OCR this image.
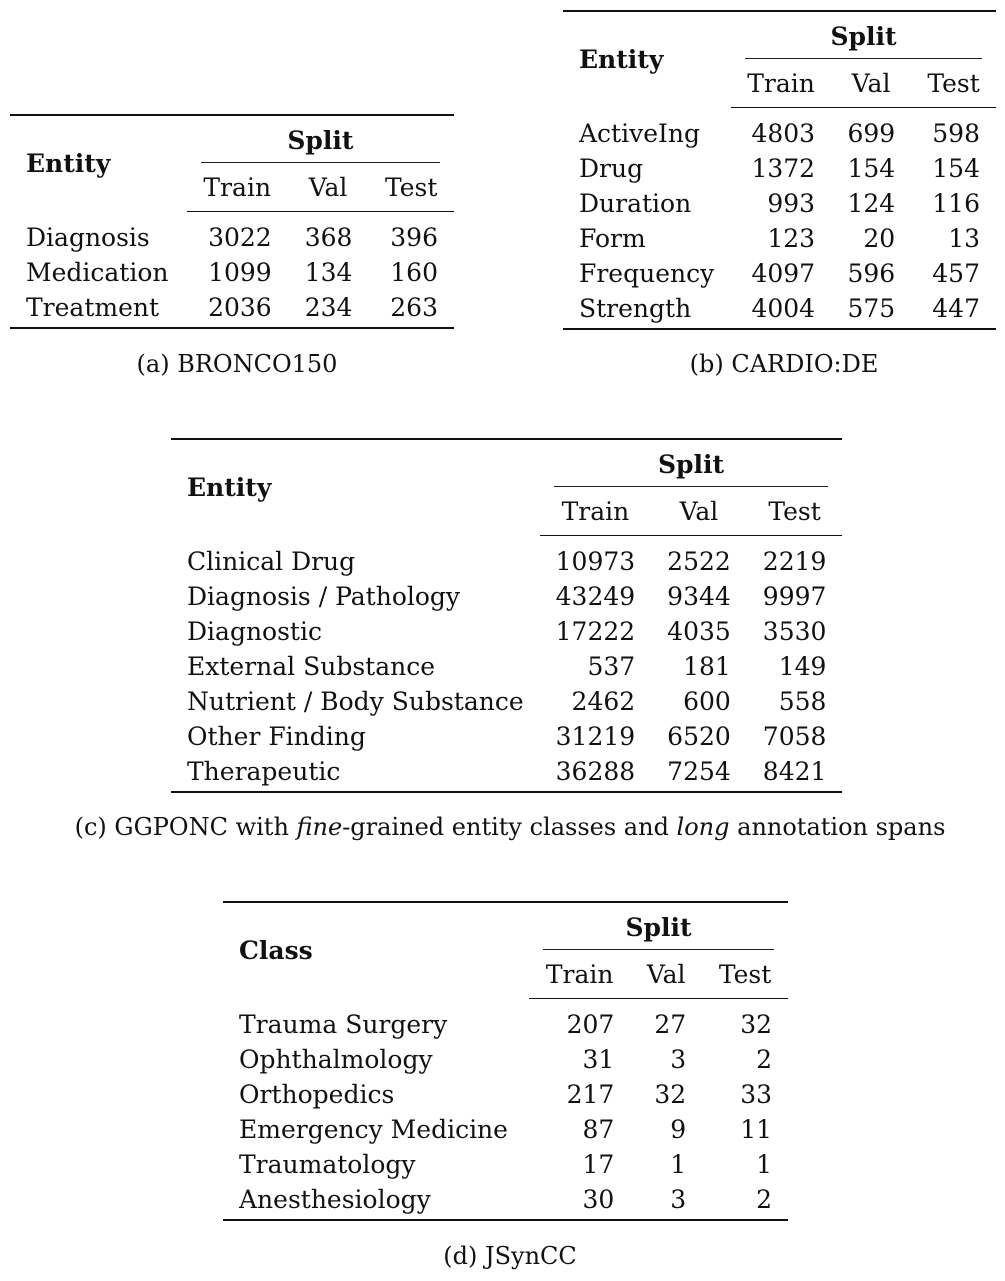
Entity	Split		

	Train	Val	Test
Diagnosis	3022	368	396
Medication	1099	134	160
Treatment	2036	234	263
(a) BRONCO150
Entity	Split		

	Train	Val	Test
ActiveIng	4803	699	598
Drug	1372	154	154
Duration	993	124	116
Form	123	20	13
Frequency	4097	596	457
Strength	4004	575	447
(b) CARDIO:DE
Entity	Split		

	Train	Val	Test
Clinical Drug	10973	2522	2219
Diagnosis / Pathology	43249	9344	9997
Diagnostic	17222	4035	3530
External Substance	537	181	149
Nutrient / Body Substance	2462	600	558
Other Finding	31219	6520	7058
Therapeutic	36288	7254	8421
(c) GGPONC with fine-grained entity classes and long annotation spans
Class	Split		

	Train	Val	Test
Trauma Surgery	207	27	32
Ophthalmology	31	3	2
Orthopedics	217	32	33
Emergency Medicine	87	9	11
Traumatology	17	1	1
Anesthesiology	30	3	2
(d) JSynCC
